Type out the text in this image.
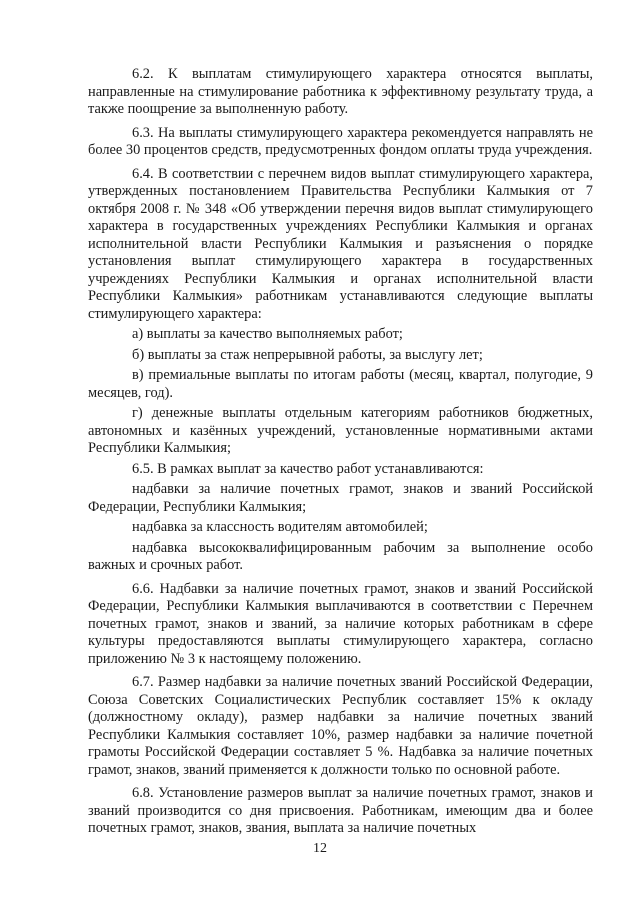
6.2. К выплатам стимулирующего характера относятся выплаты, направленные на стимулирование работника к эффективному результату труда, а также поощрение за выполненную работу.

6.3. На выплаты стимулирующего характера рекомендуется направлять не более 30 процентов средств, предусмотренных фондом оплаты труда учреждения.

6.4. В соответствии с перечнем видов выплат стимулирующего характера, утвержденных постановлением Правительства Республики Калмыкия от 7 октября 2008 г. № 348 «Об утверждении перечня видов выплат стимулирующего характера в государственных учреждениях Республики Калмыкия и органах исполнительной власти Республики Калмыкия и разъяснения о порядке установления выплат стимулирующего характера в государственных учреждениях Республики Калмыкия и органах исполнительной власти Республики Калмыкия» работникам устанавливаются следующие выплаты стимулирующего характера:

а) выплаты за качество выполняемых работ;

б) выплаты за стаж непрерывной работы, за выслугу лет;

в) премиальные выплаты по итогам работы (месяц, квартал, полугодие, 9 месяцев, год).

г) денежные выплаты отдельным категориям работников бюджетных, автономных и казённых учреждений, установленные нормативными актами Республики Калмыкия;

6.5. В рамках выплат за качество работ устанавливаются:

надбавки за наличие почетных грамот, знаков и званий Российской Федерации, Республики Калмыкия;

надбавка за классность водителям автомобилей;

надбавка высококвалифицированным рабочим за выполнение особо важных и срочных работ.

6.6. Надбавки за наличие почетных грамот, знаков и званий Российской Федерации, Республики Калмыкия выплачиваются в соответствии с Перечнем почетных грамот, знаков и званий, за наличие которых работникам в сфере культуры предоставляются выплаты стимулирующего характера, согласно приложению № 3 к настоящему положению.

6.7. Размер надбавки за наличие почетных званий Российской Федерации, Союза Советских Социалистических Республик составляет 15% к окладу (должностному окладу), размер надбавки за наличие почетных званий Республики Калмыкия составляет 10%, размер надбавки за наличие почетной грамоты Российской Федерации составляет 5 %. Надбавка за наличие почетных грамот, знаков, званий применяется к должности только по основной работе.

6.8. Установление размеров выплат за наличие почетных грамот, знаков и званий производится со дня присвоения. Работникам, имеющим два и более почетных грамот, знаков, звания, выплата за наличие почетных

12
